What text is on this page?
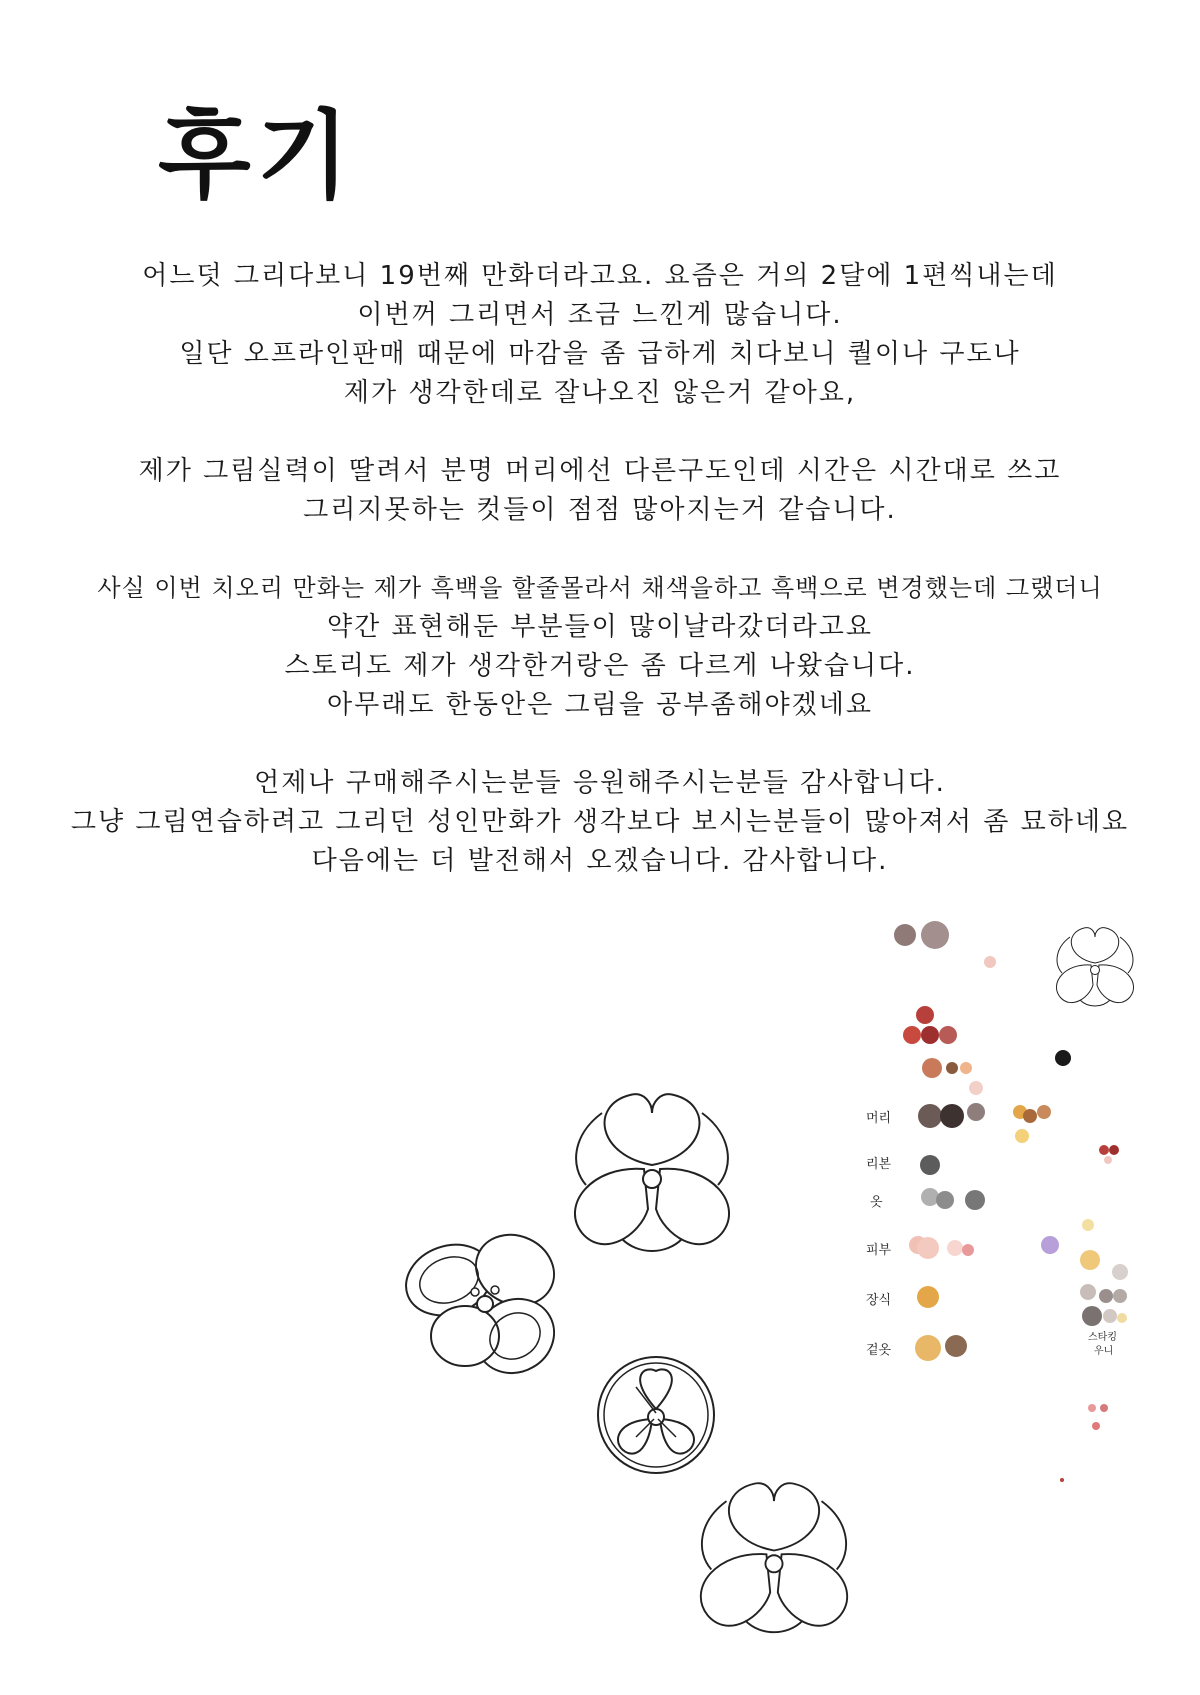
후기
어느덧 그리다보니 19번째 만화더라고요. 요즘은 거의 2달에 1편씩내는데
이번꺼 그리면서 조금 느낀게 많습니다.
일단 오프라인판매 때문에 마감을 좀 급하게 치다보니 퀄이나 구도나
제가 생각한데로 잘나오진 않은거 같아요,
제가 그림실력이 딸려서 분명 머리에선 다른구도인데 시간은 시간대로 쓰고
그리지못하는 컷들이 점점 많아지는거 같습니다.
사실 이번 치오리 만화는 제가 흑백을 할줄몰라서 채색을하고 흑백으로 변경했는데 그랬더니
약간 표현해둔 부분들이 많이날라갔더라고요
스토리도 제가 생각한거랑은 좀 다르게 나왔습니다.
아무래도 한동안은 그림을 공부좀해야겠네요
언제나 구매해주시는분들 응원해주시는분들 감사합니다.
그냥 그림연습하려고 그리던 성인만화가 생각보다 보시는분들이 많아져서 좀 묘하네요
다음에는 더 발전해서 오겠습니다. 감사합니다.
머리
리본
옷
피부
장식
겉옷
스타킹
우니
